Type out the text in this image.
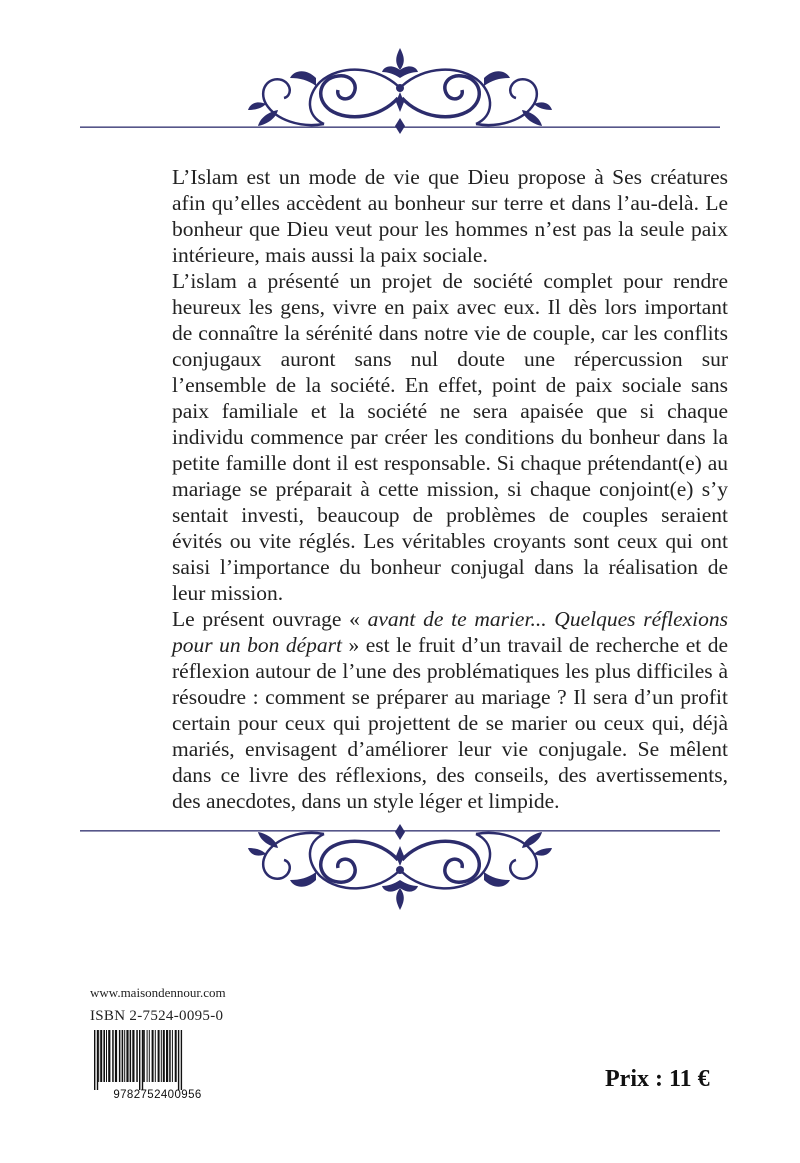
L’Islam est un mode de vie que Dieu propose à Ses créatures afin qu’elles accèdent au bonheur sur terre et dans l’au-delà. Le bonheur que Dieu veut pour les hommes n’est pas la seule paix intérieure, mais aussi la paix sociale.

L’islam a présenté un projet de société complet pour rendre heureux les gens, vivre en paix avec eux. Il dès lors important de connaître la sérénité dans notre vie de couple, car les conflits conjugaux auront sans nul doute une répercussion sur l’ensemble de la société. En effet, point de paix sociale sans paix familiale et la société ne sera apaisée que si chaque individu commence par créer les conditions du bonheur dans la petite famille dont il est responsable. Si chaque prétendant(e) au mariage se préparait à cette mission, si chaque conjoint(e) s’y sentait investi, beaucoup de problèmes de couples seraient évités ou vite réglés. Les véritables croyants sont ceux qui ont saisi l’importance du bonheur conjugal dans la réalisation de leur mission.

Le présent ouvrage « avant de te marier... Quelques réflexions pour un bon départ » est le fruit d’un travail de recherche et de réflexion autour de l’une des problématiques les plus difficiles à résoudre : comment se préparer au mariage ? Il sera d’un profit certain pour ceux qui projettent de se marier ou ceux qui, déjà mariés, envisagent d’améliorer leur vie conjugale. Se mêlent dans ce livre des réflexions, des conseils, des avertissements, des anecdotes, dans un style léger et limpide.

www.maisondennour.com
ISBN 2-7524-0095-0
9782752400956
Prix : 11 €
